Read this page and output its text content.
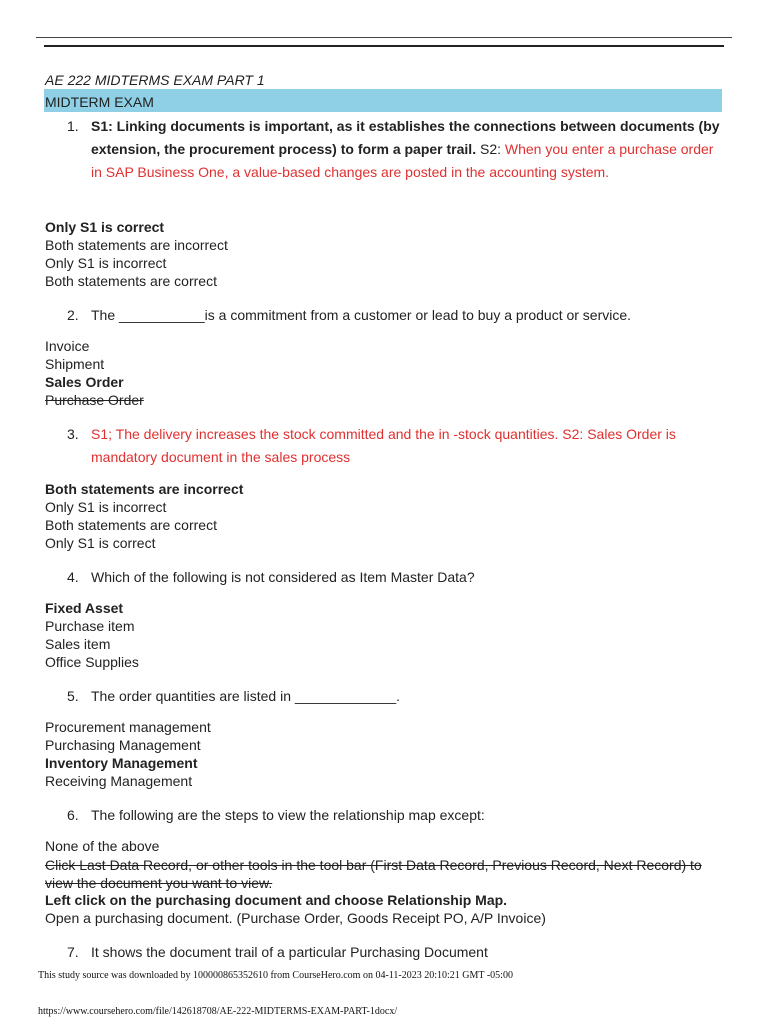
AE 222 MIDTERMS EXAM PART 1
MIDTERM EXAM
1. S1: Linking documents is important, as it establishes the connections between documents (by extension, the procurement process) to form a paper trail. S2: When you enter a purchase order in SAP Business One, a value-based changes are posted in the accounting system.
Only S1 is correct
Both statements are incorrect
Only S1 is incorrect
Both statements are correct
2. The ___________is a commitment from a customer or lead to buy a product or service.
Invoice
Shipment
Sales Order
Purchase Order
3. S1; The delivery increases the stock committed and the in -stock quantities. S2: Sales Order is mandatory document in the sales process
Both statements are incorrect
Only S1 is incorrect
Both statements are correct
Only S1 is correct
4. Which of the following is not considered as Item Master Data?
Fixed Asset
Purchase item
Sales item
Office Supplies
5. The order quantities are listed in _____________.
Procurement management
Purchasing Management
Inventory Management
Receiving Management
6. The following are the steps to view the relationship map except:
None of the above
Click Last Data Record, or other tools in the tool bar (First Data Record, Previous Record, Next Record) to view the document you want to view.
Left click on the purchasing document and choose Relationship Map.
Open a purchasing document. (Purchase Order, Goods Receipt PO, A/P Invoice)
7. It shows the document trail of a particular Purchasing Document
This study source was downloaded by 100000865352610 from CourseHero.com on 04-11-2023 20:10:21 GMT -05:00
https://www.coursehero.com/file/142618708/AE-222-MIDTERMS-EXAM-PART-1docx/
